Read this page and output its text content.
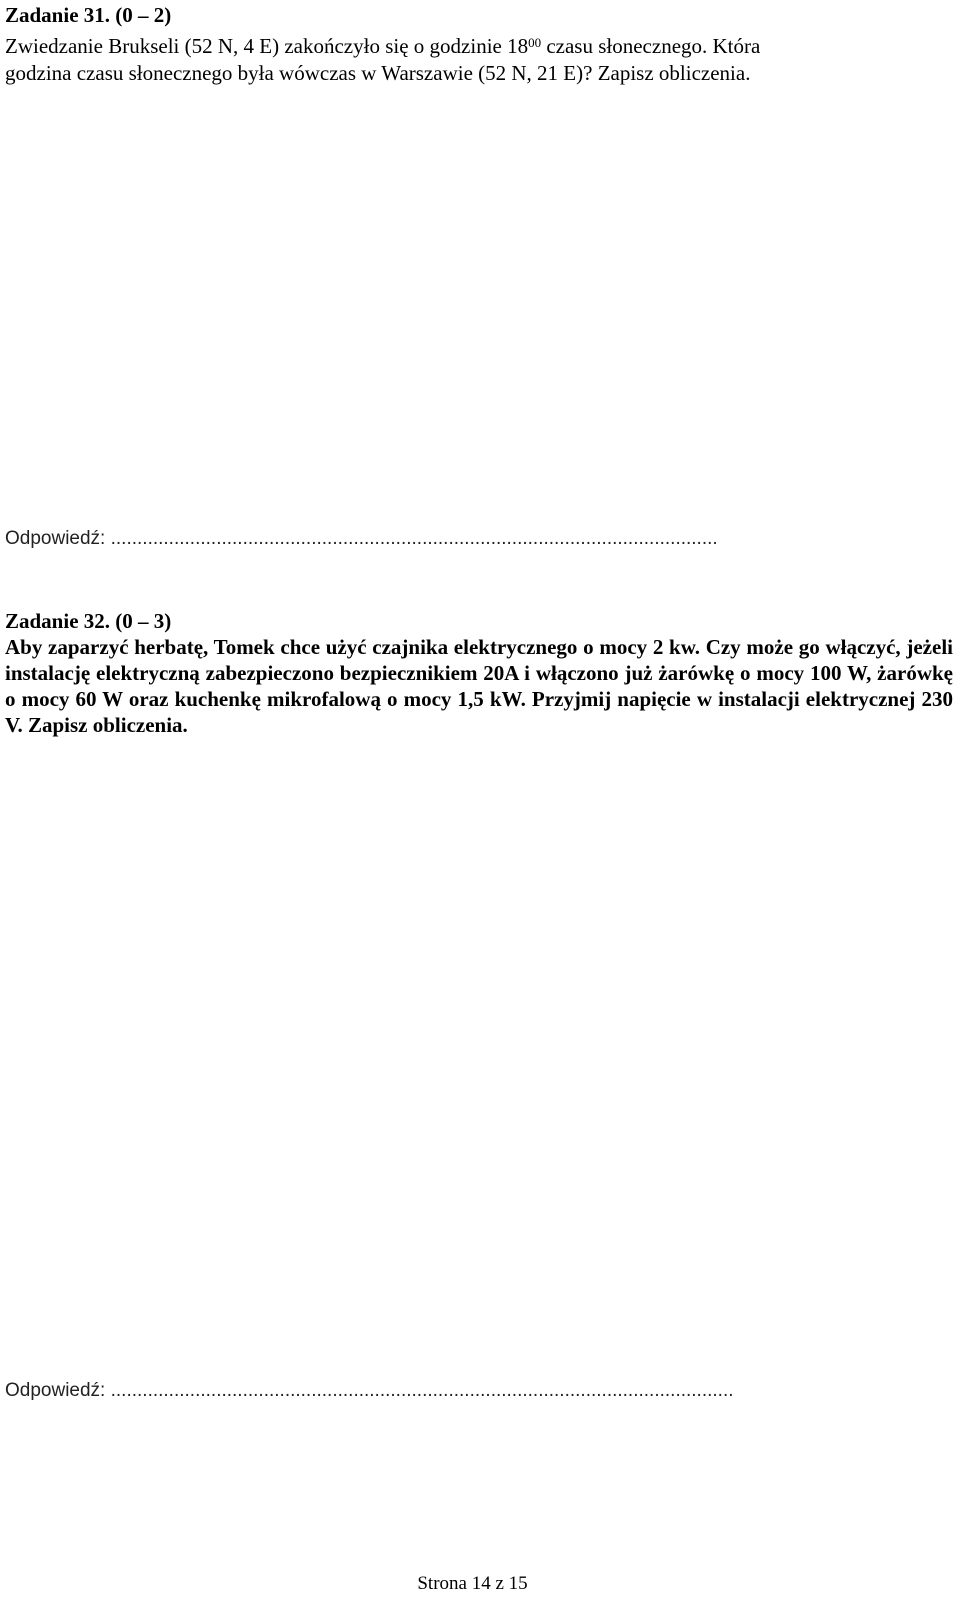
Zadanie 31. (0 – 2)
Zwiedzanie Brukseli (52 N, 4 E) zakończyło się o godzinie $18^{00}$ czasu słonecznego. Która
godzina czasu słonecznego była wówczas w Warszawie (52 N, 21 E)? Zapisz obliczenia.
Odpowiedź: ...................................................................................................................
Zadanie 32. (0 – 3)
Aby zaparzyć herbatę, Tomek chce użyć czajnika elektrycznego o mocy 2 kw. Czy może go włączyć, jeżeli instalację elektryczną zabezpieczono bezpiecznikiem 20A i włączono już żarówkę o mocy 100 W, żarówkę o mocy 60 W oraz kuchenkę mikrofalową o mocy 1,5 kW. Przyjmij napięcie w instalacji elektrycznej 230 V. Zapisz obliczenia.
Odpowiedź: ......................................................................................................................
Strona 14 z 15
